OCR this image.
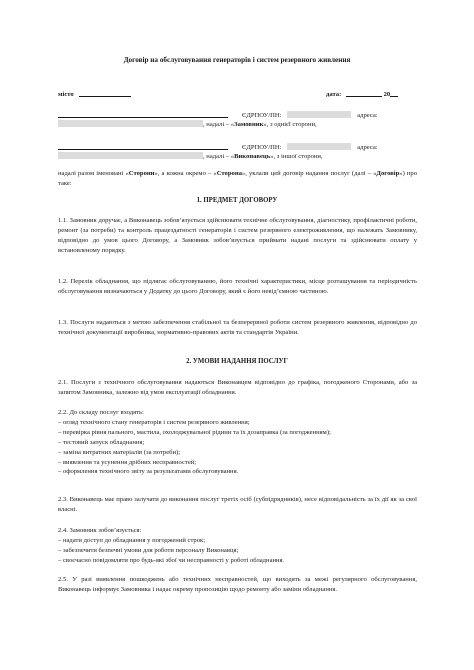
Договір на обслуговування генераторів і систем резервного живлення
місто	дата:	20
ЄДРПОУ/ПН:	адреса:
, надалі – «Замовник», з одніє̈ї сторони,
ЄДРПОУ/ПН:	адреса:
, надалі – «Виконавець», з іншої сторони,
надалі разом іменовані «Сторони», а кожна окремо – «Сторона», уклали цей договір надання послуг (далі – «Договір») про таке:
1. ПРЕДМЕТ ДОГОВОРУ
1.1. Замовник доручає, а Виконавець зобов’язується здійснювати технічне обслуговування, діагностику, профілактичні роботи, ремонт (за потреби) та контроль працездатності генераторів і систем резервного електроживлення, що належать Замовнику, відповідно до умов цього Договору, а Замовник зобов’язується приймати надані послуги та здійснювати оплату у встановленому порядку.
1.2. Перелік обладнання, що підлягає обслуговуванню, його технічні характеристики, місце розташування та періодичність обслуговування визначаються у Додатку до цього Договору, який є його невід’ємною частиною.
1.3. Послуги надаються з метою забезпечення стабільної та безперервної роботи систем резервного живлення, відповідно до технічної документації виробника, нормативно-правових актів та стандартів України.
2. УМОВИ НАДАННЯ ПОСЛУГ
2.1. Послуги з технічного обслуговування надаються Виконавцем відповідно до графіка, погодженого Сторонами, або за запитом Замовника, залежно від умов експлуатації обладнання.
2.2. До складу послуг входять:
– огляд технічного стану генераторів і систем резервного живлення;
– перевірка рівня пального, мастила, охолоджувальної рідини та їх дозаправка (за погодженням);
– тестовий запуск обладнання;
– заміна витратних матеріалів (за потреби);
– виявлення та усунення дрібних несправностей;
– оформлення технічного звіту за результатами обслуговування.
2.3. Виконавець має право залучати до виконання послуг третіх осіб (субпідрядників), несе відповідальність за їх дії як за свої власні.
2.4. Замовник зобов’язується:
– надати доступ до обладнання у погоджений строк;
– забезпечити безпечні умови для роботи персоналу Виконавця;
– своєчасно повідомляти про будь-які збої чи несправності у роботі обладнання.
2.5. У разі виявлення пошкоджень або технічних несправностей, що виходять за межі регулярного обслуговування, Виконавець інформує Замовника і надає окрему пропозицію щодо ремонту або заміни обладнання.
